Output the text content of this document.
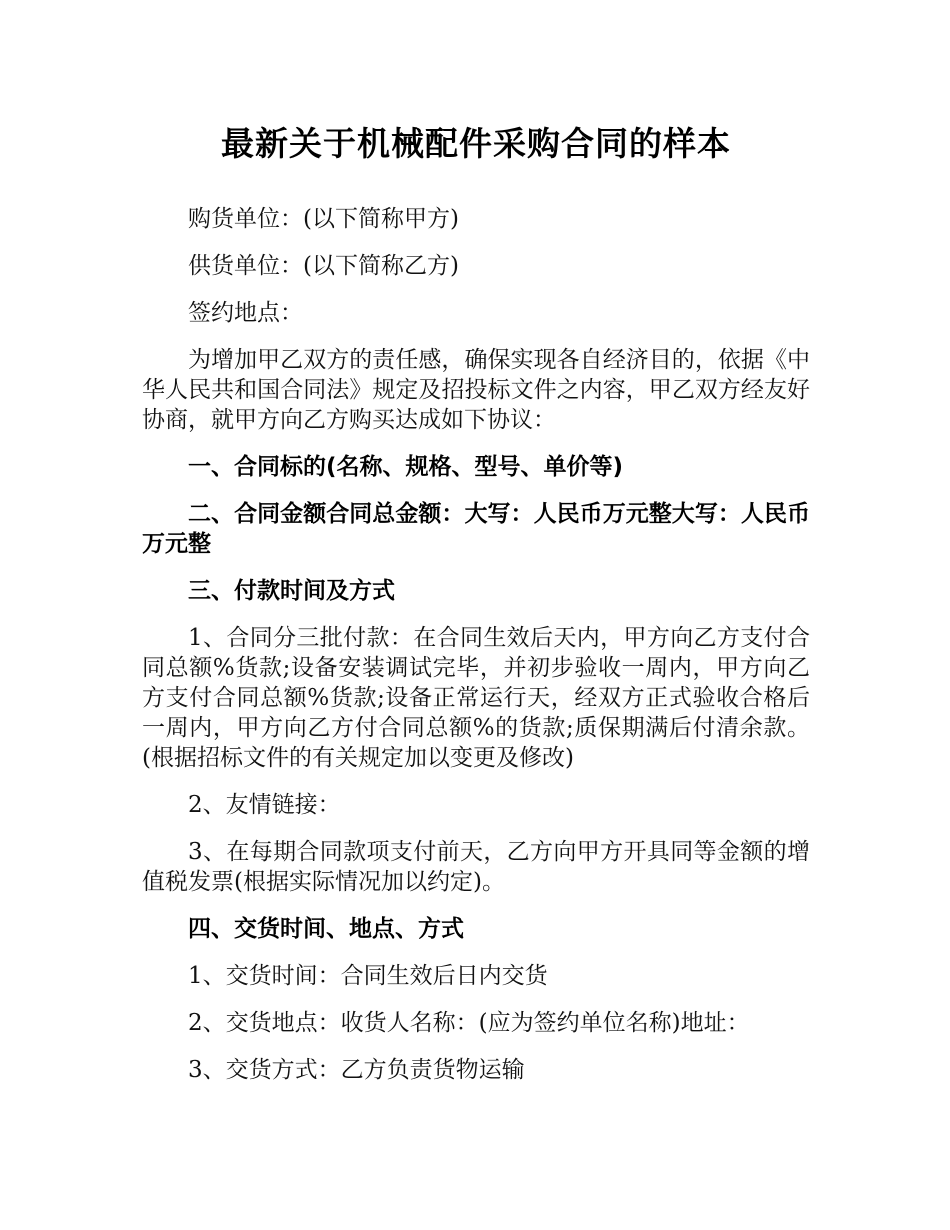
最新关于机械配件采购合同的样本

购货单位：(以下简称甲方)

供货单位：(以下简称乙方)

签约地点：

为增加甲乙双方的责任感，确保实现各自经济目的，依据《中华人民共和国合同法》规定及招投标文件之内容，甲乙双方经友好协商，就甲方向乙方购买达成如下协议：

一、合同标的(名称、规格、型号、单价等)

二、合同金额合同总金额：大写：人民币万元整大写：人民币万元整

三、付款时间及方式

1、合同分三批付款：在合同生效后天内，甲方向乙方支付合同总额%货款;设备安装调试完毕，并初步验收一周内，甲方向乙方支付合同总额%货款;设备正常运行天，经双方正式验收合格后一周内，甲方向乙方付合同总额%的货款;质保期满后付清余款。(根据招标文件的有关规定加以变更及修改)

2、友情链接：

3、在每期合同款项支付前天，乙方向甲方开具同等金额的增值税发票(根据实际情况加以约定)。

四、交货时间、地点、方式

1、交货时间：合同生效后日内交货

2、交货地点：收货人名称：(应为签约单位名称)地址：

3、交货方式：乙方负责货物运输
